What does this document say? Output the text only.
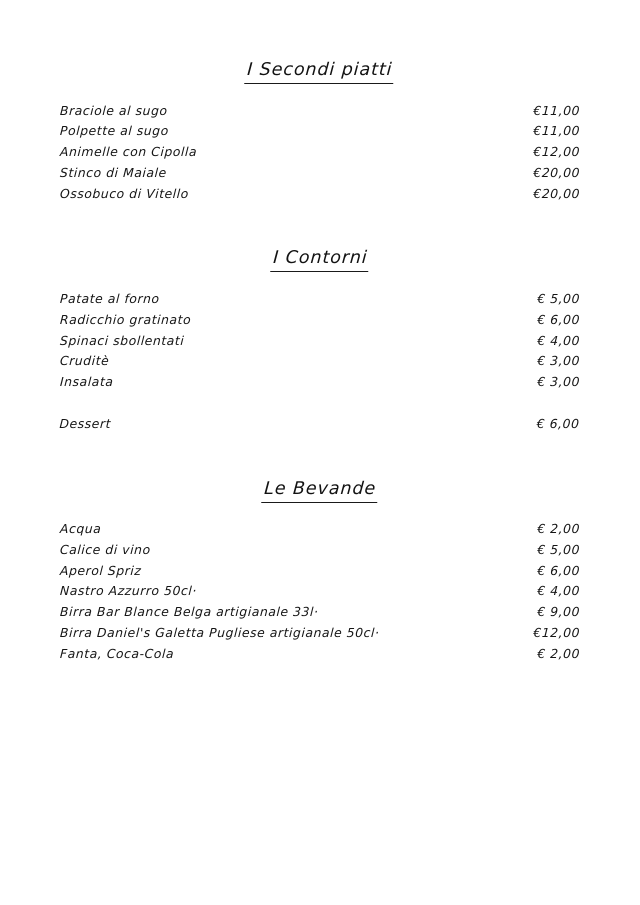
I Secondi piatti
Braciole al sugo	€11,00
Polpette al sugo	€11,00
Animelle con Cipolla	€12,00
Stinco di Maiale	€20,00
Ossobuco di Vitello	€20,00
I Contorni
Patate al forno	€ 5,00
Radicchio gratinato	€ 6,00
Spinaci sbollentati	€ 4,00
Cruditè	€ 3,00
Insalata	€ 3,00
Dessert	€ 6,00
Le Bevande
Acqua	€ 2,00
Calice di vino	€ 5,00
Aperol Spriz	€ 6,00
Nastro Azzurro 50cl·	€ 4,00
Birra Bar Blance Belga artigianale 33l·	€ 9,00
Birra Daniel's Galetta Pugliese artigianale 50cl·	€12,00
Fanta, Coca-Cola	€ 2,00
